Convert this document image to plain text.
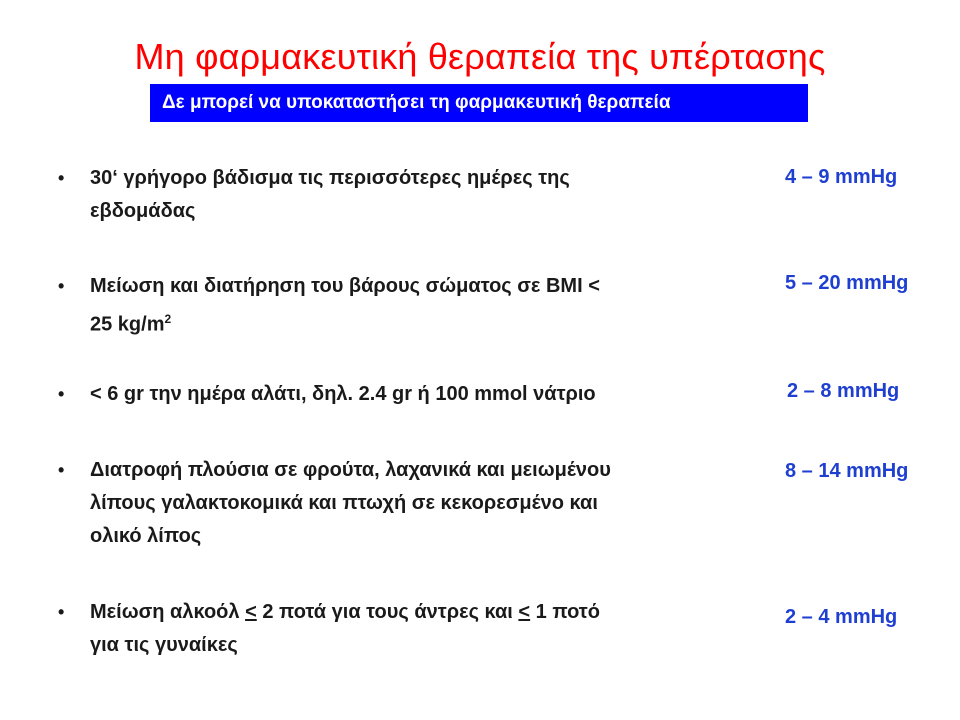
Μη φαρμακευτική θεραπεία της υπέρτασης
Δε μπορεί να υποκαταστήσει τη φαρμακευτική θεραπεία
• 30‘ γρήγορο βάδισμα τις περισσότερες ημέρες της
εβδομάδας
4 – 9 mmHg
• Μείωση και διατήρηση του βάρους σώματος σε BMI <
25 $kg/m^2$
5 – 20 mmHg
• < 6 gr την ημέρα αλάτι, δηλ. 2.4 gr ή 100 mmol νάτριο	2 – 8 mmHg
• Διατροφή πλούσια σε φρούτα, λαχανικά και μειωμένου
λίπους γαλακτοκομικά και πτωχή σε κεκορεσμένο και
ολικό λίπος
8 – 14 mmHg
• Μείωση αλκοόλ ≤ 2 ποτά για τους άντρες και ≤ 1 ποτό
για τις γυναίκες
2 – 4 mmHg
